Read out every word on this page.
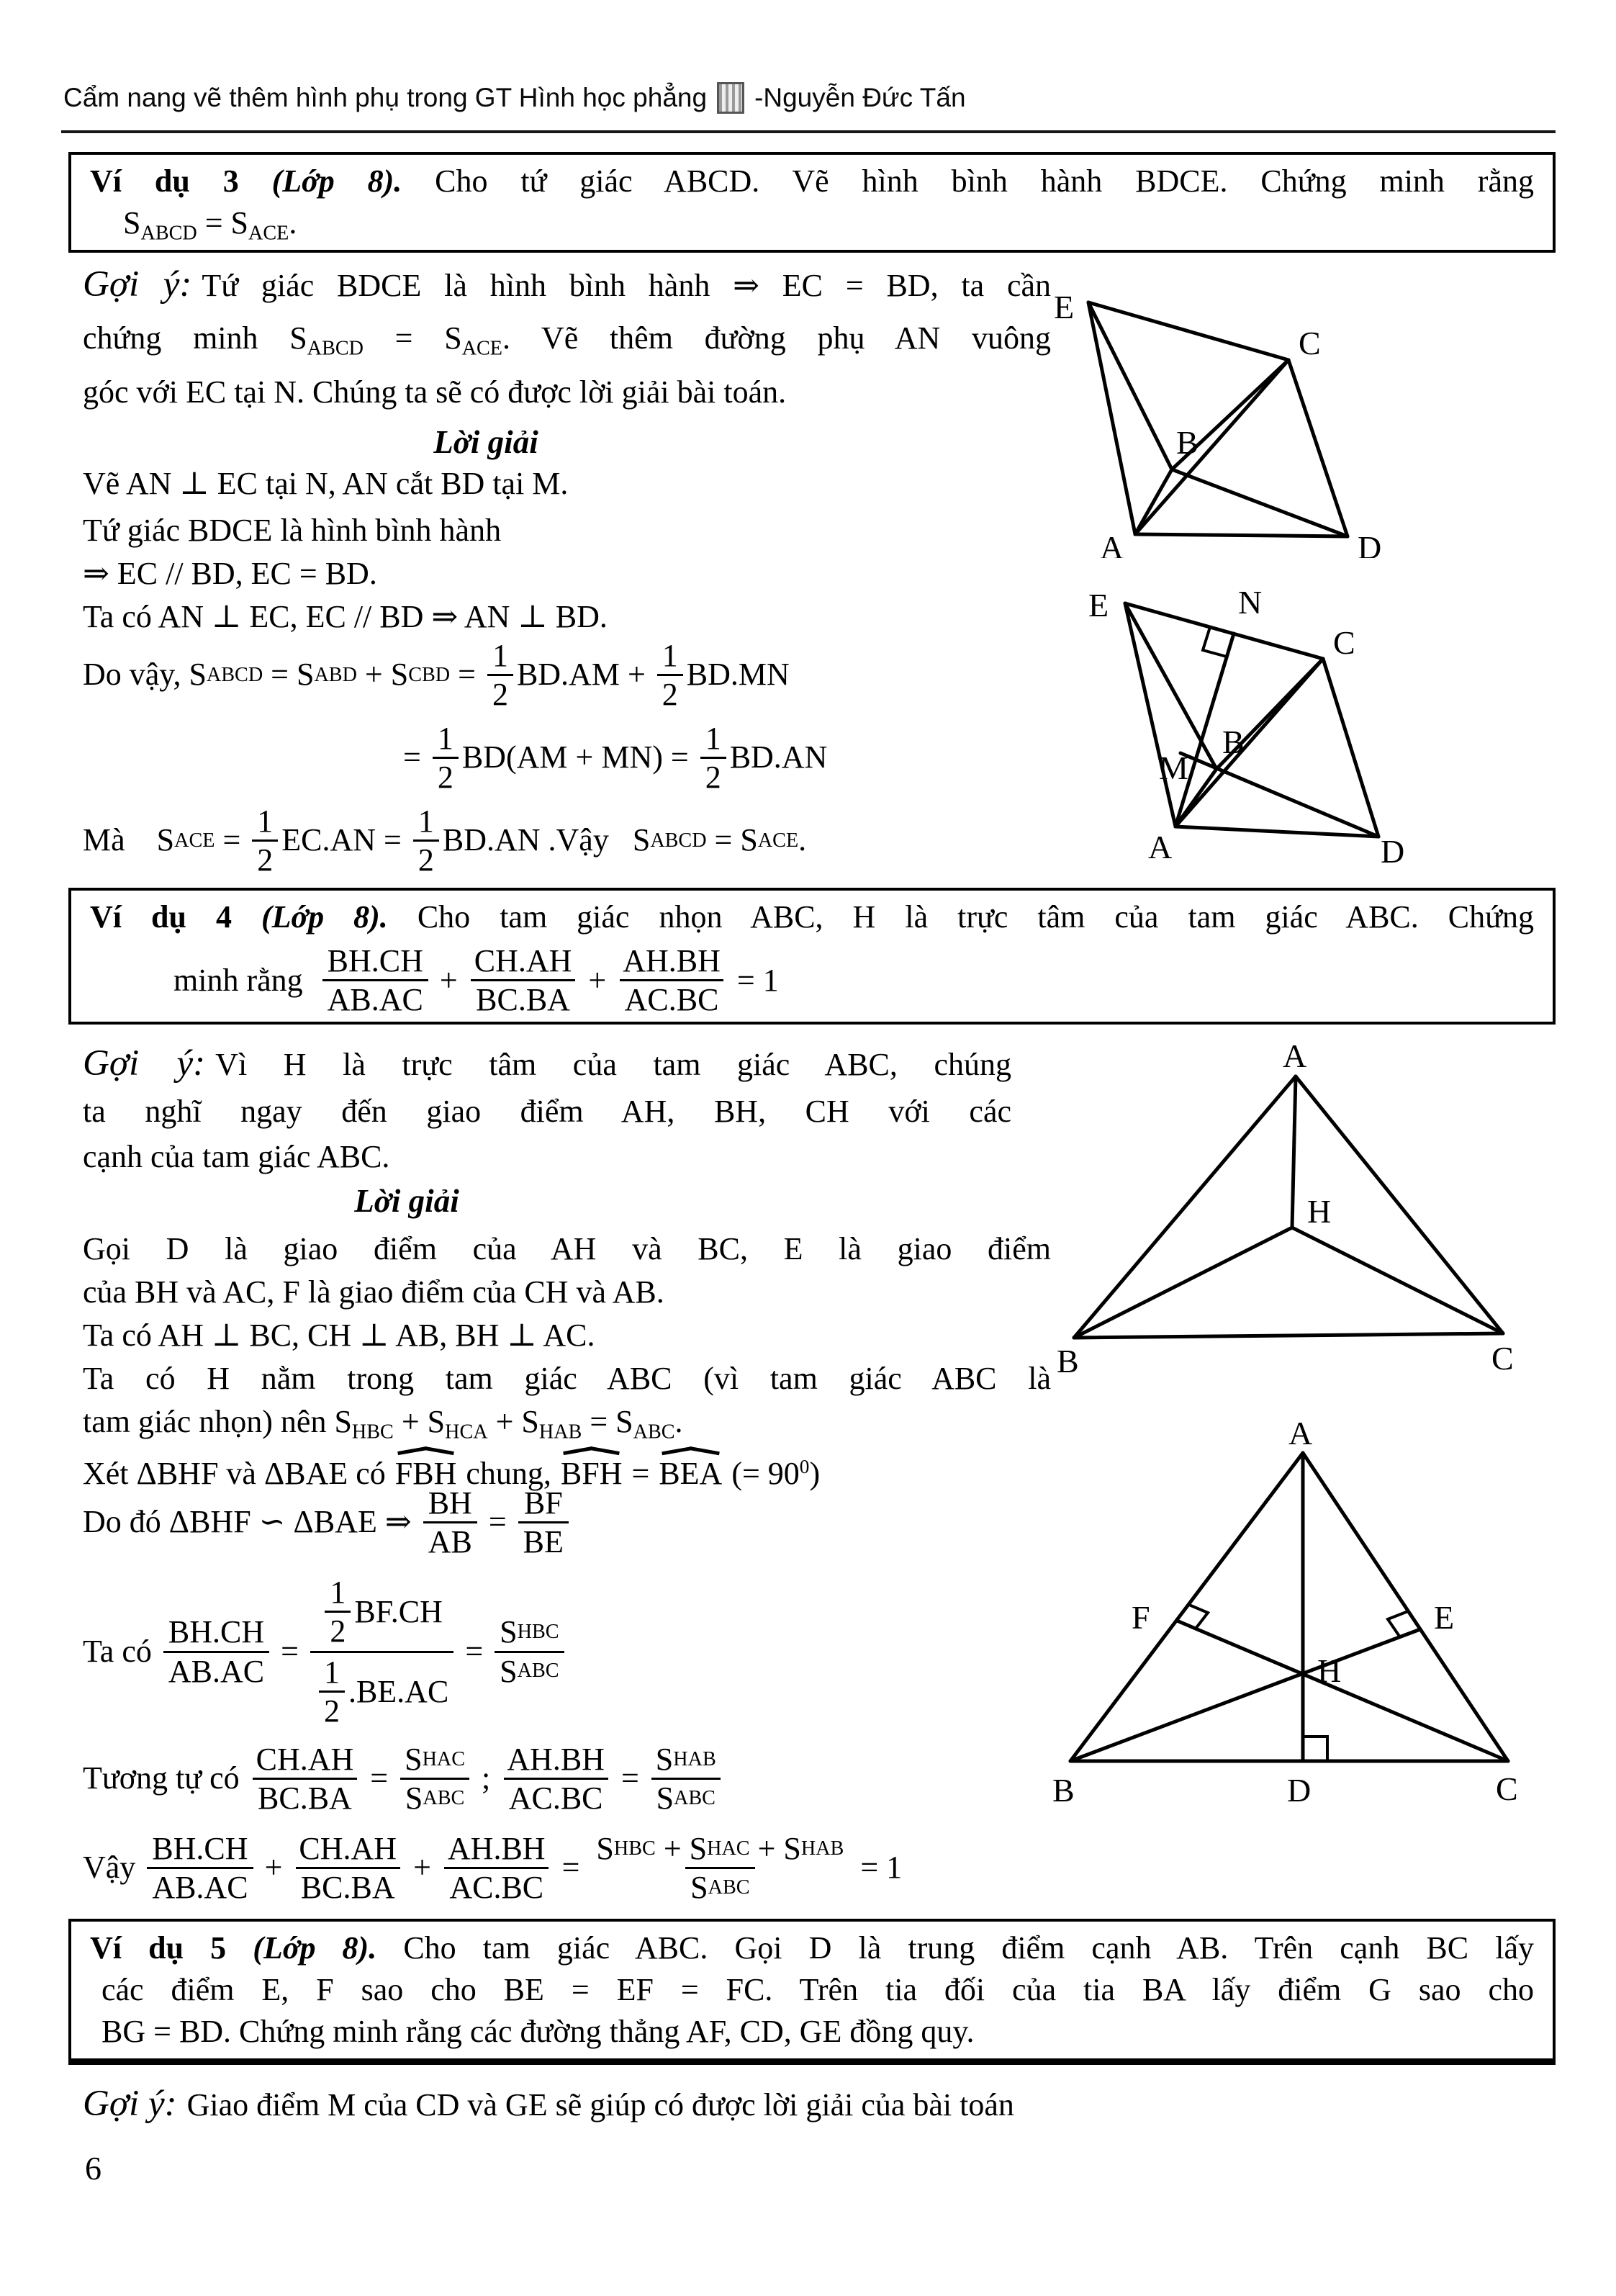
Cẩm nang vẽ thêm hình phụ trong GT Hình học phẳng -Nguyễn Đức Tấn
Ví dụ 3 (Lớp 8). Cho tứ giác ABCD. Vẽ hình bình hành BDCE. Chứng minh rằng
$S_{ABCD} = S_{ACE}$.
Gợi ý: Tứ giác BDCE là hình bình hành ⇒ EC = BD, ta cần
chứng minh $S_{ABCD} = S_{ACE}$. Vẽ thêm đường phụ AN vuông
góc với EC tại N. Chúng ta sẽ có được lời giải bài toán.
Lời giải
Vẽ AN ⊥ EC tại N, AN cắt BD tại M.
Tứ giác BDCE là hình bình hành
⇒ EC // BD, EC = BD.
Ta có AN ⊥ EC, EC // BD ⇒ AN ⊥ BD.
Do vậy, S ABCD = S ABD + S CBD = $\frac{1}{2} BD.AM + \frac{1}{2} BD.MN$
= $\frac{1}{2} BD(AM + MN) = \frac{1}{2} BD.AN$
Mà    S ACE = $\frac{1}{2} EC.AN = \frac{1}{2} BD.AN$ .Vậy   S ABCD = S ACE .
Ví dụ 4 (Lớp 8). Cho tam giác nhọn ABC, H là trực tâm của tam giác ABC. Chứng
minh rằng $\frac{BH.CH}{AB.AC} + \frac{CH.AH}{BC.BA} + \frac{AH.BH}{AC.BC} = 1$
Gợi ý: Vì H là trực tâm của tam giác ABC, chúng
ta nghĩ ngay đến giao điểm AH, BH, CH với các
cạnh của tam giác ABC.
Lời giải
Gọi D là giao điểm của AH và BC, E là giao điểm
của BH và AC, F là giao điểm của CH và AB.
Ta có AH ⊥ BC, CH ⊥ AB, BH ⊥ AC.
Ta có H nằm trong tam giác ABC (vì tam giác ABC là
tam giác nhọn) nên $S_{HBC} + S_{HCA} + S_{HAB} = S_{ABC}$.
Xét ΔBHF và ΔBAE có FBH chung, BFH = BEA (= $90^0$)
Do đó ΔBHF ∽ ΔBAE ⇒ $\frac{BH}{AB} = \frac{BF}{BE}$
Ta có $\frac{BH.CH}{AB.AC} = \frac{\frac{1}{2} BF.CH}{\frac{1}{2} .BE.AC} = \frac{\text{S HBC}}{\text{S ABC}}$
Tương tự có $\frac{CH.AH}{BC.BA} = \frac{\text{S HAC}}{\text{S ABC}}$ ; $\frac{AH.BH}{AC.BC} = \frac{\text{S HAB}}{\text{S ABC}}$
Vậy $\frac{BH.CH}{AB.AC} + \frac{CH.AH}{BC.BA} + \frac{AH.BH}{AC.BC} = \frac{\text{S HBC + S HAC + S HAB}}{\text{S ABC}} = 1$
Ví dụ 5 (Lớp 8). Cho tam giác ABC. Gọi D là trung điểm cạnh AB. Trên cạnh BC lấy
các điểm E, F sao cho BE = EF = FC. Trên tia đối của tia BA lấy điểm G sao cho
BG = BD. Chứng minh rằng các đường thẳng AF, CD, GE đồng quy.
Gợi ý: Giao điểm M của CD và GE sẽ giúp có được lời giải của bài toán
6
E
C
B
A	D
E	N
C
B
M
A	D
A
H
B	C
A
E
F
H
B	D	C
